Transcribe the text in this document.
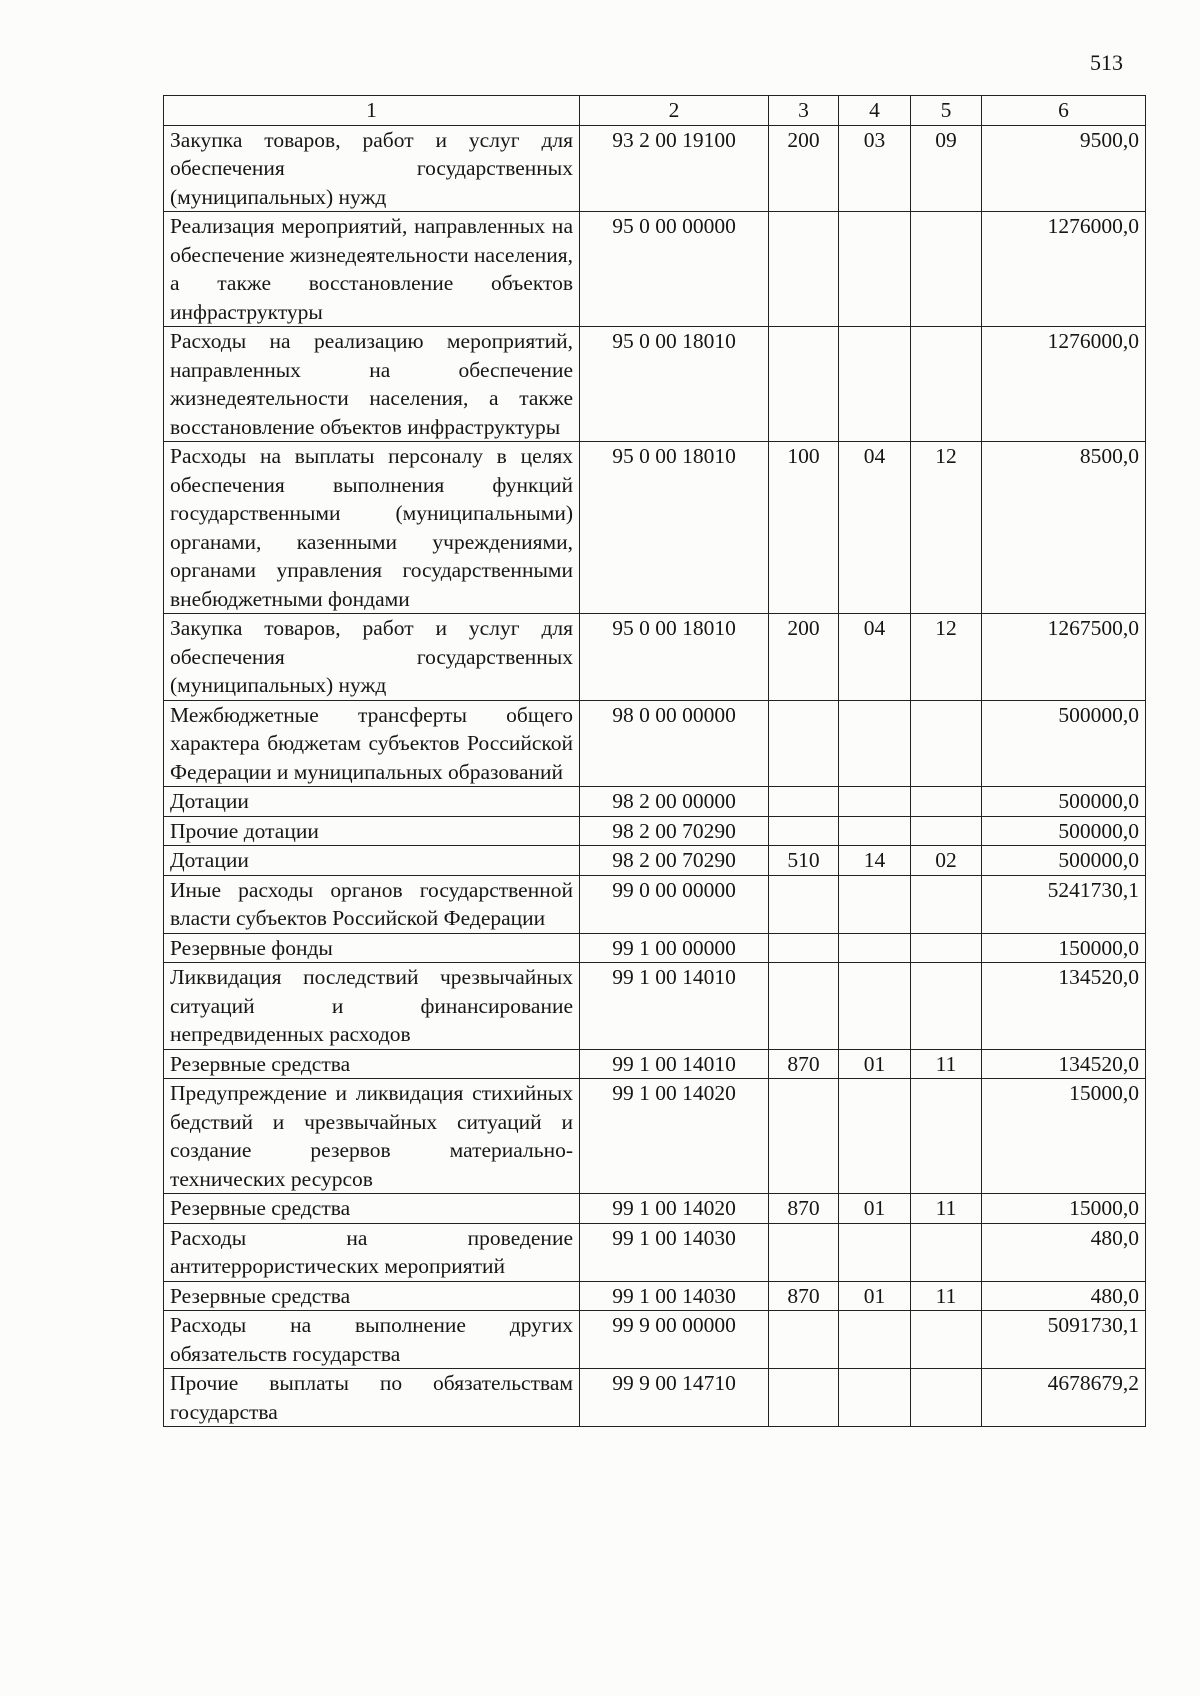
513
1	2	3	4	5	6
Закупка товаров, работ и услуг для обеспечения государственных (муниципальных) нужд	93 2 00 19100	200	03	09	9500,0
Реализация мероприятий, направленных на обеспечение жизнедеятельности населения, а также восстановление объектов инфраструктуры	95 0 00 00000				1276000,0
Расходы на реализацию мероприятий, направленных на обеспечение жизнедеятельности населения, а также восстановление объектов инфраструктуры	95 0 00 18010				1276000,0
Расходы на выплаты персоналу в целях обеспечения выполнения функций государственными (муниципальными) органами, казенными учреждениями, органами управления государственными внебюджетными фондами	95 0 00 18010	100	04	12	8500,0
Закупка товаров, работ и услуг для обеспечения государственных (муниципальных) нужд	95 0 00 18010	200	04	12	1267500,0
Межбюджетные трансферты общего характера бюджетам субъектов Российской Федерации и муниципальных образований	98 0 00 00000				500000,0
Дотации	98 2 00 00000				500000,0
Прочие дотации	98 2 00 70290				500000,0
Дотации	98 2 00 70290	510	14	02	500000,0
Иные расходы органов государственной власти субъектов Российской Федерации	99 0 00 00000				5241730,1
Резервные фонды	99 1 00 00000				150000,0
Ликвидация последствий чрезвычайных ситуаций и финансирование непредвиденных расходов	99 1 00 14010				134520,0
Резервные средства	99 1 00 14010	870	01	11	134520,0
Предупреждение и ликвидация стихийных бедствий и чрезвычайных ситуаций и создание резервов материально-технических ресурсов	99 1 00 14020				15000,0
Резервные средства	99 1 00 14020	870	01	11	15000,0
Расходы на проведение антитеррористических мероприятий	99 1 00 14030				480,0
Резервные средства	99 1 00 14030	870	01	11	480,0
Расходы на выполнение других обязательств государства	99 9 00 00000				5091730,1
Прочие выплаты по обязательствам государства	99 9 00 14710				4678679,2
